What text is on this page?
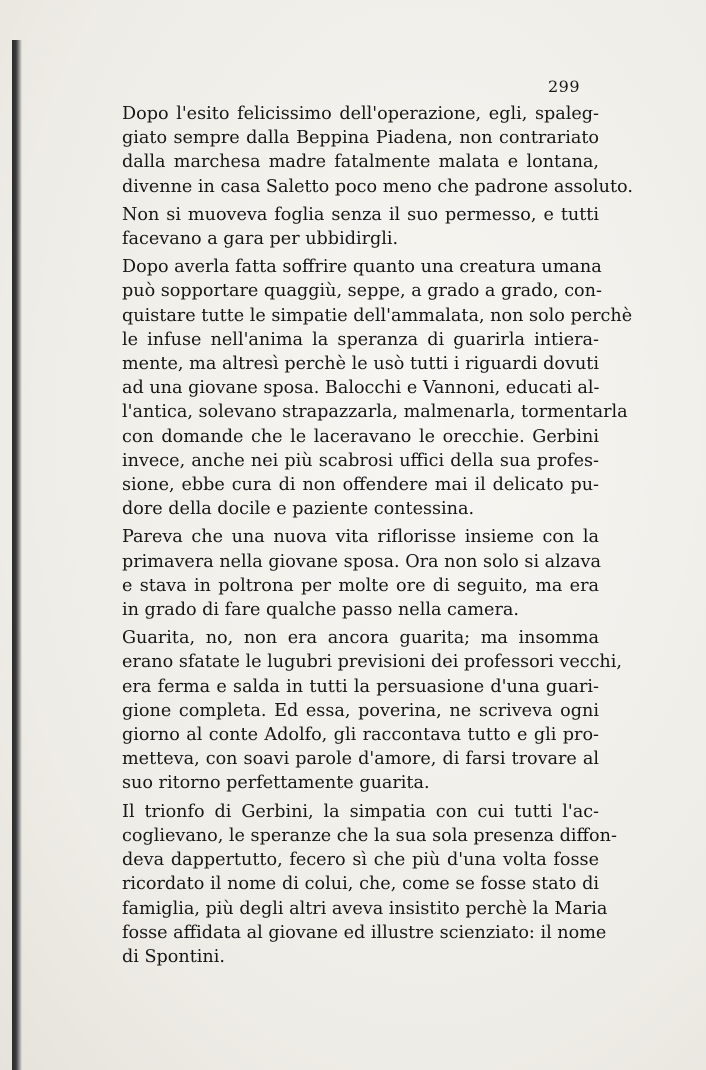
299

Dopo l'esito felicissimo dell'operazione, egli, spaleg-
giato sempre dalla Beppina Piadena, non contrariato
dalla marchesa madre fatalmente malata e lontana,
divenne in casa Saletto poco meno che padrone assoluto.

Non si muoveva foglia senza il suo permesso, e tutti
facevano a gara per ubbidirgli.

Dopo averla fatta soffrire quanto una creatura umana
può sopportare quaggiù, seppe, a grado a grado, con-
quistare tutte le simpatie dell'ammalata, non solo perchè
le infuse nell'anima la speranza di guarirla intiera-
mente, ma altresì perchè le usò tutti i riguardi dovuti
ad una giovane sposa. Balocchi e Vannoni, educati al-
l'antica, solevano strapazzarla, malmenarla, tormentarla
con domande che le laceravano le orecchie. Gerbini
invece, anche nei più scabrosi uffici della sua profes-
sione, ebbe cura di non offendere mai il delicato pu-
dore della docile e paziente contessina.

Pareva che una nuova vita riflorisse insieme con la
primavera nella giovane sposa. Ora non solo si alzava
e stava in poltrona per molte ore di seguito, ma era
in grado di fare qualche passo nella camera.

Guarita, no, non era ancora guarita; ma insomma
erano sfatate le lugubri previsioni dei professori vecchi,
era ferma e salda in tutti la persuasione d'una guari-
gione completa. Ed essa, poverina, ne scriveva ogni
giorno al conte Adolfo, gli raccontava tutto e gli pro-
metteva, con soavi parole d'amore, di farsi trovare al
suo ritorno perfettamente guarita.

Il trionfo di Gerbini, la simpatia con cui tutti l'ac-
coglievano, le speranze che la sua sola presenza diffon-
deva dappertutto, fecero sì che più d'una volta fosse
ricordato il nome di colui, che, come se fosse stato di
famiglia, più degli altri aveva insistito perchè la Maria
fosse affidata al giovane ed illustre scienziato: il nome
di Spontini.
